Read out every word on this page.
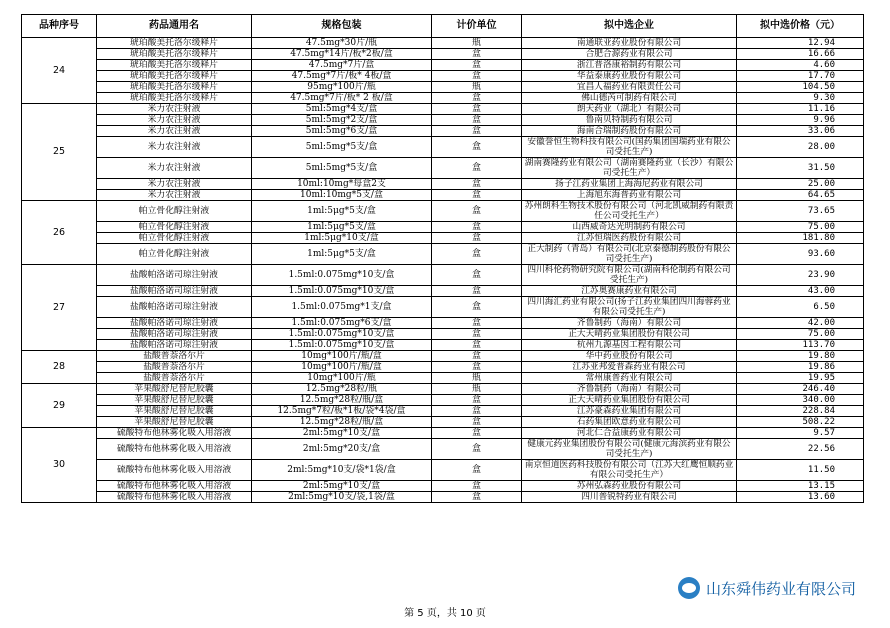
品种序号	药品通用名	规格包装	计价单位	拟中选企业	拟中选价格（元）
24	琥珀酸美托洛尔缓释片	47.5mg*30片/瓶	瓶	南通联亚药业股份有限公司	12.94
	琥珀酸美托洛尔缓释片	47.5mg*14片/板*2板/盒	盒	合肥合源药业有限公司	16.66
	琥珀酸美托洛尔缓释片	47.5mg*7片/盒	盒	浙江普洛康裕制药有限公司	4.60
	琥珀酸美托洛尔缓释片	47.5mg*7片/板* 4板/盒	盒	华益泰康药业股份有限公司	17.70
	琥珀酸美托洛尔缓释片	95mg*100片/瓶	瓶	宜昌人福药业有限责任公司	104.50
	琥珀酸美托洛尔缓释片	47.5mg*7片/板* 2 板/盒	盒	佛山德芮可制药有限公司	9.30
25	米力农注射液	5ml:5mg*4支/盒	盒	朗天药业（湖北）有限公司	11.16
	米力农注射液	5ml:5mg*2支/盒	盒	鲁南贝特制药有限公司	9.96
	米力农注射液	5ml:5mg*6支/盒	盒	海南合瑞制药股份有限公司	33.06
	米力农注射液	5ml:5mg*5支/盒	盒	安徽誉恒生物科技有限公司(国药集团国瑞药业有限公司受托生产)	28.00
	米力农注射液	5ml:5mg*5支/盒	盒	湖南赛隆药业有限公司（湖南赛隆药业（长沙）有限公司受托生产）	31.50
	米力农注射液	10ml:10mg*每盒2支	盒	扬子江药业集团上海海尼药业有限公司	25.00
	米力农注射液	10ml:10mg*5支/盒	盒	上海旭东海普药业有限公司	64.65
26	帕立骨化醇注射液	1ml:5μg*5支/盒	盒	苏州朗科生物技术股份有限公司（河北凯威制药有限责任公司受托生产）	73.65
	帕立骨化醇注射液	1ml:5μg*5支/盒	盒	山西威奇达光明制药有限公司	75.00
	帕立骨化醇注射液	1ml:5μg*10支/盒	盒	江苏恒瑞医药股份有限公司	181.80
	帕立骨化醇注射液	1ml:5μg*5支/盒	盒	正大制药（青岛）有限公司(北京泰德制药股份有限公司受托生产)	93.60
27	盐酸帕洛诺司琼注射液	1.5ml:0.075mg*10支/盒	盒	四川科伦药物研究院有限公司(湖南科伦制药有限公司受托生产)	23.90
	盐酸帕洛诺司琼注射液	1.5ml:0.075mg*10支/盒	盒	江苏奥赛康药业有限公司	43.00
	盐酸帕洛诺司琼注射液	1.5ml:0.075mg*1支/盒	盒	四川海汇药业有限公司(扬子江药业集团四川海蓉药业有限公司受托生产)	6.50
	盐酸帕洛诺司琼注射液	1.5ml:0.075mg*6支/盒	盒	齐鲁制药（海南）有限公司	42.00
	盐酸帕洛诺司琼注射液	1.5ml:0.075mg*10支/盒	盒	正大天晴药业集团股份有限公司	75.00
	盐酸帕洛诺司琼注射液	1.5ml:0.075mg*10支/盒	盒	杭州九源基因工程有限公司	113.70
28	盐酸普萘洛尔片	10mg*100片/瓶/盒	盒	华中药业股份有限公司	19.80
	盐酸普萘洛尔片	10mg*100片/瓶/盒	盒	江苏亚邦爱普森药业有限公司	19.86
	盐酸普萘洛尔片	10mg*100片/瓶	瓶	常州康普药业有限公司	19.95
29	苹果酸舒尼替尼胶囊	12.5mg*28粒/瓶	瓶	齐鲁制药（海南）有限公司	246.40
	苹果酸舒尼替尼胶囊	12.5mg*28粒/瓶/盒	盒	正大天晴药业集团股份有限公司	340.00
	苹果酸舒尼替尼胶囊	12.5mg*7粒/板*1板/袋*4袋/盒	盒	江苏豪森药业集团有限公司	228.84
	苹果酸舒尼替尼胶囊	12.5mg*28粒/瓶/盒	盒	石药集团欧意药业有限公司	508.22
30	硫酸特布他林雾化吸入用溶液	2ml:5mg*10支/盒	盒	河北仁合益康药业有限公司	9.57
	硫酸特布他林雾化吸入用溶液	2ml:5mg*20支/盒	盒	健康元药业集团股份有限公司(健康元海滨药业有限公司受托生产)	22.56
	硫酸特布他林雾化吸入用溶液	2ml:5mg*10支/袋*1袋/盒	盒	南京恒道医药科技股份有限公司（江苏大红鹰恒顺药业有限公司受托生产）	11.50
	硫酸特布他林雾化吸入用溶液	2ml:5mg*10支/盒	盒	苏州弘森药业股份有限公司	13.15
	硫酸特布他林雾化吸入用溶液	2ml:5mg*10支/袋,1袋/盒	盒	四川普锐特药业有限公司	13.60
第 5 页，共 10 页
山东舜伟药业有限公司
